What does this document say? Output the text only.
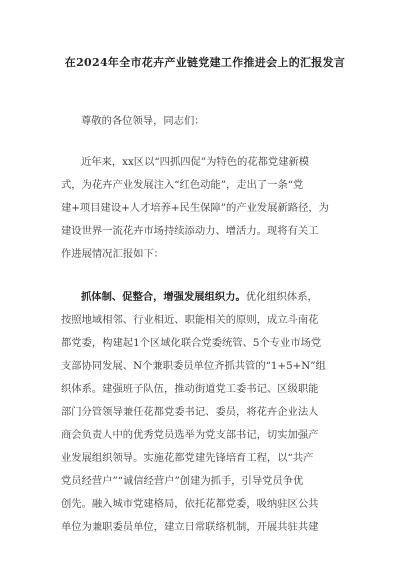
在2024年全市花卉产业链党建工作推进会上的汇报发言
尊敬的各位领导，同志们：
近年来，xx区以“四抓四促”为特色的花都党建新模
式，为花卉产业发展注入“红色动能”，走出了一条“党
建+项目建设+人才培养+民生保障”的产业发展新路径，为
建设世界一流花卉市场持续添动力、增活力。现将有关工
作进展情况汇报如下：
抓体制、促整合，增强发展组织力。优化组织体系，
按照地域相邻、行业相近、职能相关的原则，成立斗南花
都党委，构建起1个区域化联合党委统管、5个专业市场党
支部协同发展、N个兼职委员单位齐抓共管的“1+5+N”组
织体系。建强班子队伍，推动街道党工委书记、区级职能
部门分管领导兼任花都党委书记、委员，将花卉企业法人
商会负责人中的优秀党员选举为党支部书记，切实加强产
业发展组织领导。实施花都党建先锋培育工程，以“共产
党员经营户”“诚信经营户”创建为抓手，引导党员争优
创先。融入城市党建格局，依托花都党委，吸纳驻区公共
单位为兼职委员单位，建立日常联络机制，开展共驻共建
